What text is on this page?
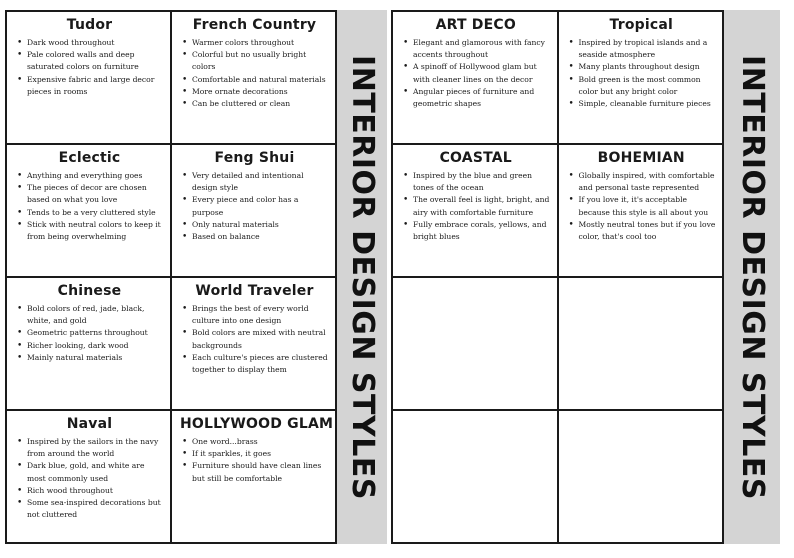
Tudor
• Dark wood throughout
• Pale colored walls and deep saturated colors on furniture
• Expensive fabric and large decor pieces in rooms
French Country
• Warmer colors throughout
• Colorful but no usually bright colors
• Comfortable and natural materials
• More ornate decorations
• Can be cluttered or clean
Eclectic
• Anything and everything goes
• The pieces of decor are chosen based on what you love
• Tends to be a very cluttered style
• Stick with neutral colors to keep it from being overwhelming
Feng Shui
• Very detailed and intentional design style
• Every piece and color has a purpose
• Only natural materials
• Based on balance
Chinese
• Bold colors of red, jade, black, white, and gold
• Geometric patterns throughout
• Richer looking, dark wood
• Mainly natural materials
World Traveler
• Brings the best of every world culture into one design
• Bold colors are mixed with neutral backgrounds
• Each culture's pieces are clustered together to display them
Naval
• Inspired by the sailors in the navy from around the world
• Dark blue, gold, and white are most commonly used
• Rich wood throughout
• Some sea-inspired decorations but not cluttered
HOLLYWOOD GLAM
• One word...brass
• If it sparkles, it goes
• Furniture should have clean lines but still be comfortable	INTERIOR DESIGN STYLES
ART DECO
• Elegant and glamorous with fancy accents throughout
• A spinoff of Hollywood glam but with cleaner lines on the decor
• Angular pieces of furniture and geometric shapes
Tropical
• Inspired by tropical islands and a seaside atmosphere
• Many plants throughout design
• Bold green is the most common color but any bright color
• Simple, cleanable furniture pieces
COASTAL
• Inspired by the blue and green tones of the ocean
• The overall feel is light, bright, and airy with comfortable furniture
• Fully embrace corals, yellows, and bright blues
BOHEMIAN
• Globally inspired, with comfortable and personal taste represented
• If you love it, it's acceptable because this style is all about you
• Mostly neutral tones but if you love color, that's cool too	INTERIOR DESIGN STYLES
